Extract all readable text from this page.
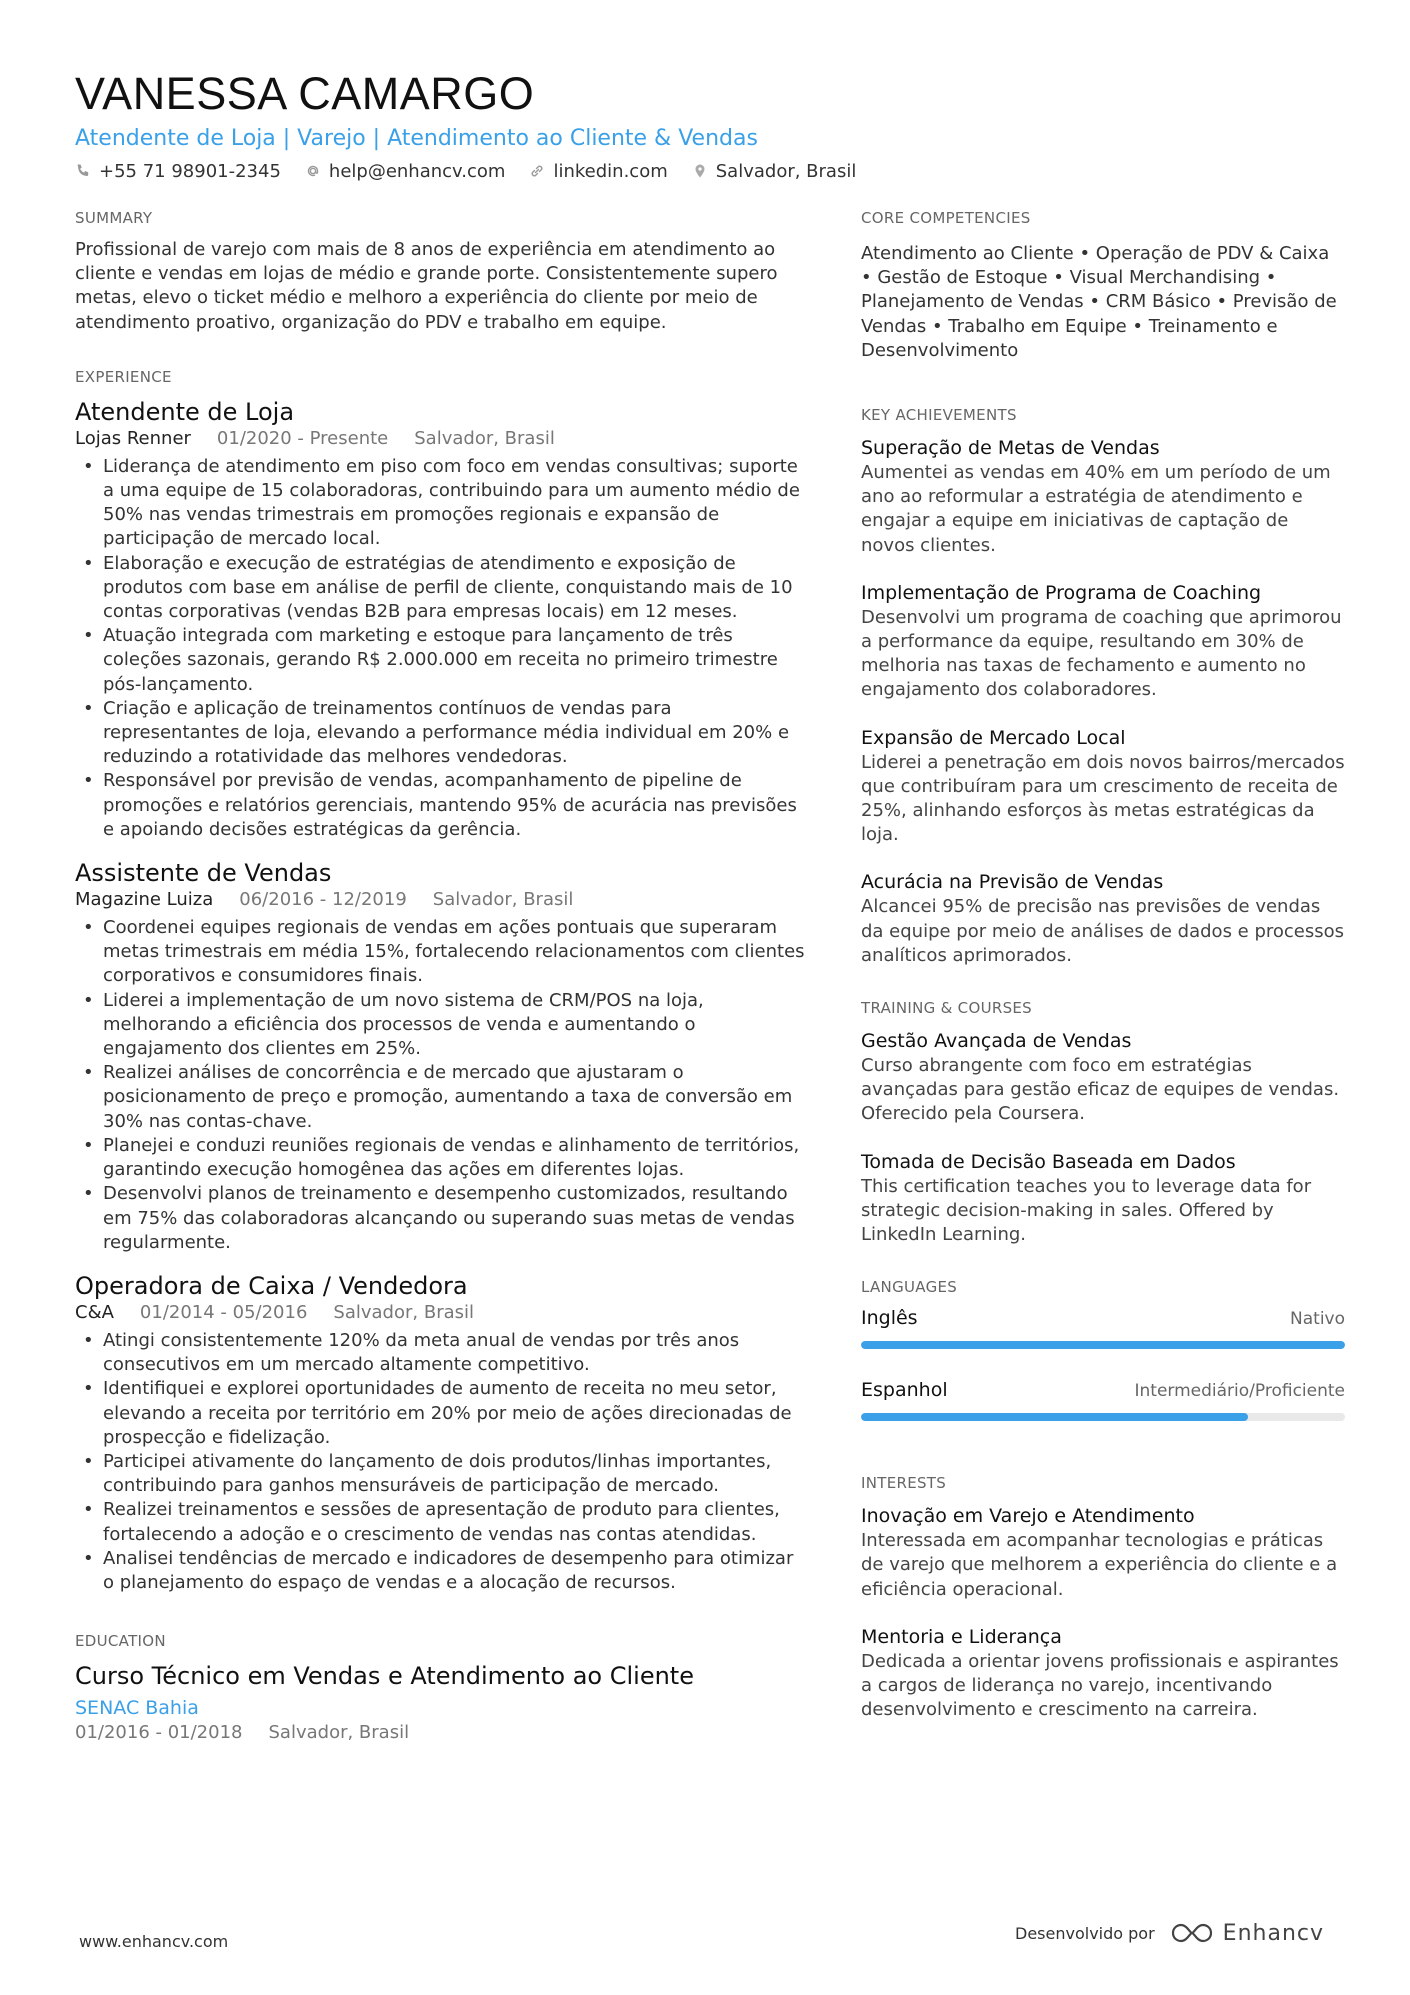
VANESSA CAMARGO
Atendente de Loja | Varejo | Atendimento ao Cliente & Vendas
+55 71 98901-2345	help@enhancv.com	linkedin.com	Salvador, Brasil
SUMMARY
Profissional de varejo com mais de 8 anos de experiência em atendimento ao cliente e vendas em lojas de médio e grande porte. Consistentemente supero metas, elevo o ticket médio e melhoro a experiência do cliente por meio de atendimento proativo, organização do PDV e trabalho em equipe.
EXPERIENCE
Atendente de Loja
Lojas Renner 01/2020 - Presente Salvador, Brasil
• Liderança de atendimento em piso com foco em vendas consultivas; suporte a uma equipe de 15 colaboradoras, contribuindo para um aumento médio de 50% nas vendas trimestrais em promoções regionais e expansão de participação de mercado local.
• Elaboração e execução de estratégias de atendimento e exposição de produtos com base em análise de perfil de cliente, conquistando mais de 10 contas corporativas (vendas B2B para empresas locais) em 12 meses.
• Atuação integrada com marketing e estoque para lançamento de três coleções sazonais, gerando R$ 2.000.000 em receita no primeiro trimestre pós-lançamento.
• Criação e aplicação de treinamentos contínuos de vendas para representantes de loja, elevando a performance média individual em 20% e reduzindo a rotatividade das melhores vendedoras.
• Responsável por previsão de vendas, acompanhamento de pipeline de promoções e relatórios gerenciais, mantendo 95% de acurácia nas previsões e apoiando decisões estratégicas da gerência.
Assistente de Vendas
Magazine Luiza 06/2016 - 12/2019 Salvador, Brasil
• Coordenei equipes regionais de vendas em ações pontuais que superaram metas trimestrais em média 15%, fortalecendo relacionamentos com clientes corporativos e consumidores finais.
• Liderei a implementação de um novo sistema de CRM/POS na loja, melhorando a eficiência dos processos de venda e aumentando o engajamento dos clientes em 25%.
• Realizei análises de concorrência e de mercado que ajustaram o posicionamento de preço e promoção, aumentando a taxa de conversão em 30% nas contas-chave.
• Planejei e conduzi reuniões regionais de vendas e alinhamento de territórios, garantindo execução homogênea das ações em diferentes lojas.
• Desenvolvi planos de treinamento e desempenho customizados, resultando em 75% das colaboradoras alcançando ou superando suas metas de vendas regularmente.
Operadora de Caixa / Vendedora
C&A 01/2014 - 05/2016 Salvador, Brasil
• Atingi consistentemente 120% da meta anual de vendas por três anos consecutivos em um mercado altamente competitivo.
• Identifiquei e explorei oportunidades de aumento de receita no meu setor, elevando a receita por território em 20% por meio de ações direcionadas de prospecção e fidelização.
• Participei ativamente do lançamento de dois produtos/linhas importantes, contribuindo para ganhos mensuráveis de participação de mercado.
• Realizei treinamentos e sessões de apresentação de produto para clientes, fortalecendo a adoção e o crescimento de vendas nas contas atendidas.
• Analisei tendências de mercado e indicadores de desempenho para otimizar o planejamento do espaço de vendas e a alocação de recursos.
EDUCATION
Curso Técnico em Vendas e Atendimento ao Cliente
SENAC Bahia
01/2016 - 01/2018 Salvador, Brasil
CORE COMPETENCIES
Atendimento ao Cliente • Operação de PDV & Caixa • Gestão de Estoque • Visual Merchandising • Planejamento de Vendas • CRM Básico • Previsão de Vendas • Trabalho em Equipe • Treinamento e Desenvolvimento
KEY ACHIEVEMENTS
Superação de Metas de Vendas
Aumentei as vendas em 40% em um período de um ano ao reformular a estratégia de atendimento e engajar a equipe em iniciativas de captação de novos clientes.
Implementação de Programa de Coaching
Desenvolvi um programa de coaching que aprimorou a performance da equipe, resultando em 30% de melhoria nas taxas de fechamento e aumento no engajamento dos colaboradores.
Expansão de Mercado Local
Liderei a penetração em dois novos bairros/mercados que contribuíram para um crescimento de receita de 25%, alinhando esforços às metas estratégicas da loja.
Acurácia na Previsão de Vendas
Alcancei 95% de precisão nas previsões de vendas da equipe por meio de análises de dados e processos analíticos aprimorados.
TRAINING & COURSES
Gestão Avançada de Vendas
Curso abrangente com foco em estratégias avançadas para gestão eficaz de equipes de vendas. Oferecido pela Coursera.
Tomada de Decisão Baseada em Dados
This certification teaches you to leverage data for strategic decision-making in sales. Offered by LinkedIn Learning.
LANGUAGES
Inglês	Nativo
Espanhol	Intermediário/Proficiente
INTERESTS
Inovação em Varejo e Atendimento
Interessada em acompanhar tecnologias e práticas de varejo que melhorem a experiência do cliente e a eficiência operacional.
Mentoria e Liderança
Dedicada a orientar jovens profissionais e aspirantes a cargos de liderança no varejo, incentivando desenvolvimento e crescimento na carreira.
www.enhancv.com	Desenvolvido por	Enhancv
